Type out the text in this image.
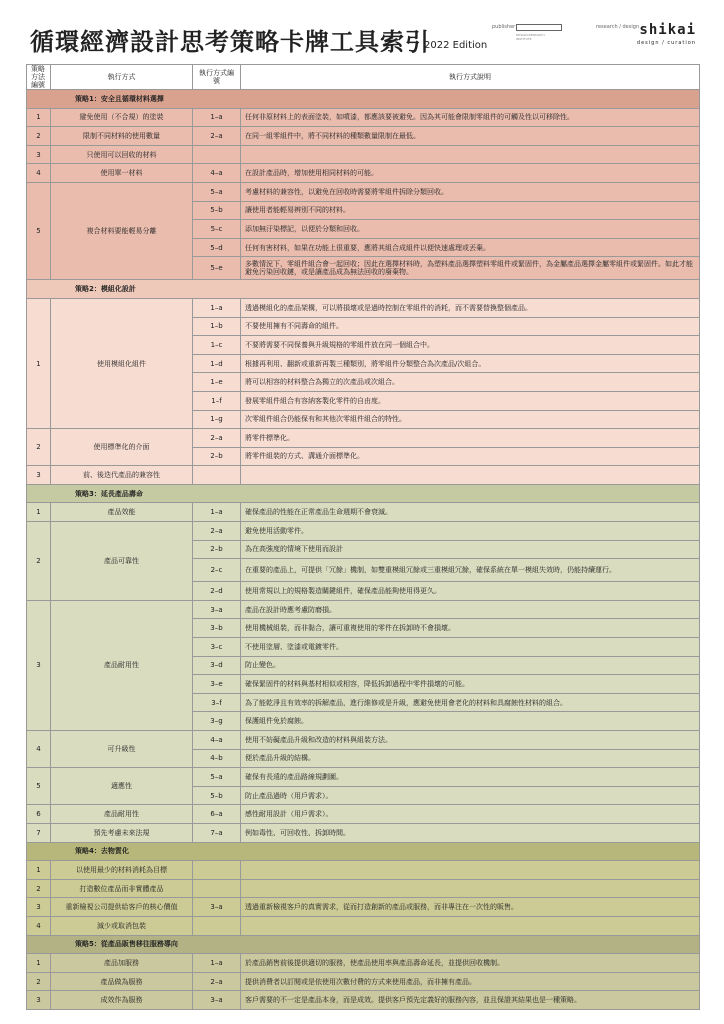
循環經濟設計思考策略卡牌工具索引
2022 Edition
publisher
DESIGN RESEARCH INSTITUTE
research / design shikai
design / curation
策略方法編號	執行方式	執行方式編號	執行方式說明
策略1：安全且循環材料選擇			
1	避免使用（不合規）的塗裝	1–a	任何非原材料上的表面塗裝，如噴漆，都應該要被避免。因為其可能會限制零組件的可觸及性以可移除性。
2	限制不同材料的使用數量	2–a	在同一組零組件中，將不同材料的種類數量限制在最低。
3	只使用可以回收的材料		
4	使用單一材料	4–a	在設計產品時，增加使用相同材料的可能。
5	複合材料要能輕易分離	5–a	考慮材料的兼容性，以避免在回收時需要將零組件拆除分類回收。
		5–b	讓使用者能輕易辨別不同的材料。
		5–c	添加無汙染標記，以便於分類和回收。
		5–d	任何有害材料，如果在功能上很重要，應將其組合成組件以便快速處理或丟棄。
		5–e	多數情況下，零組件組合會一起回收；因此在選擇材料時，為塑料產品選擇塑料零組件或緊固件，為金屬產品選擇金屬零組件或緊固件。如此才能避免污染回收鏈，或是讓產品成為無法回收的廢棄物。
策略2：模組化設計			
1	使用模組化組件	1–a	透過模組化的產品架構，可以將損壞或是過時控制在零組件的消耗，而不需要替換整個產品。
		1–b	不要使用擁有不同壽命的組件。
		1–c	不要將需要不同保養與升級規格的零組件放在同一個組合中。
		1–d	根據再利用、翻新或重新再製三種類別，將零組件分類整合為次產品/次組合。
		1–e	將可以相容的材料整合為獨立的次產品或次組合。
		1–f	發展零組件組合有容納客製化零件的自由度。
		1–g	次零組件組合仍能保有和其他次零組件組合的特性。
2	使用標準化的介面	2–a	將零件標準化。
		2–b	將零件組裝的方式、溝通介面標準化。
3	前、後迭代產品的兼容性		
策略3：延長產品壽命			
1	產品效能	1–a	確保產品的性能在正常產品生命週期不會衰減。
2	產品可靠性	2–a	避免使用活動零件。
		2–b	為在高強度的情境下使用而設計
		2–c	在重要的產品上，可提供「冗餘」機制，如雙重模組冗餘或三重模組冗餘，確保系統在單一模組失效時，仍能持續運行。
		2–d	使用常規以上的規格製造關鍵組件，確保產品能夠使用得更久。
3	產品耐用性	3–a	產品在設計時應考慮防磨損。
		3–b	使用機械組裝，而非黏合，讓可重複使用的零件在拆卸時不會損壞。
		3–c	不使用塗層、塗漆或電鍍零件。
		3–d	防止變色。
		3–e	確保緊固件的材料與基材相似或相容，降低拆卸過程中零件損壞的可能。
		3–f	為了能乾淨且有效率的拆解產品，進行維修或是升級，應避免使用會老化的材料和具腐蝕性材料的組合。
		3–g	保護組件免於腐蝕。
4	可升級性	4–a	使用不妨礙產品升級和改造的材料與組裝方法。
		4–b	便於產品升級的結構。
5	適應性	5–a	確保有長遠的產品路線規劃圖。
		5–b	防止產品過時（用戶需求）。
6	產品耐用性	6–a	感性耐用設計（用戶需求）。
7	預先考慮未來法規	7–a	例如毒性、可回收性、拆卸時間。
策略4：去物質化			
1	以使用最少的材料消耗為目標		
2	打造數位產品而非實體產品		
3	重新檢視公司提供給客戶的核心價值	3–a	透過重新檢視客戶的真實需求，從而打造創新的產品或服務，而非專注在一次性的販售。
4	減少或取消包裝		
策略5：從產品販售移往服務導向			
1	產品加服務	1–a	於產品銷售前後提供適切的服務，使產品使用率與產品壽命延長，並提供回收機制。
2	產品做為服務	2–a	提供消費者以訂閱或是依使用次數付費的方式來使用產品，而非擁有產品。
3	成效作為服務	3–a	客戶需要的不一定是產品本身，而是成效。提供客戶預先定義好的服務內容，並且保證其結果也是一種策略。
